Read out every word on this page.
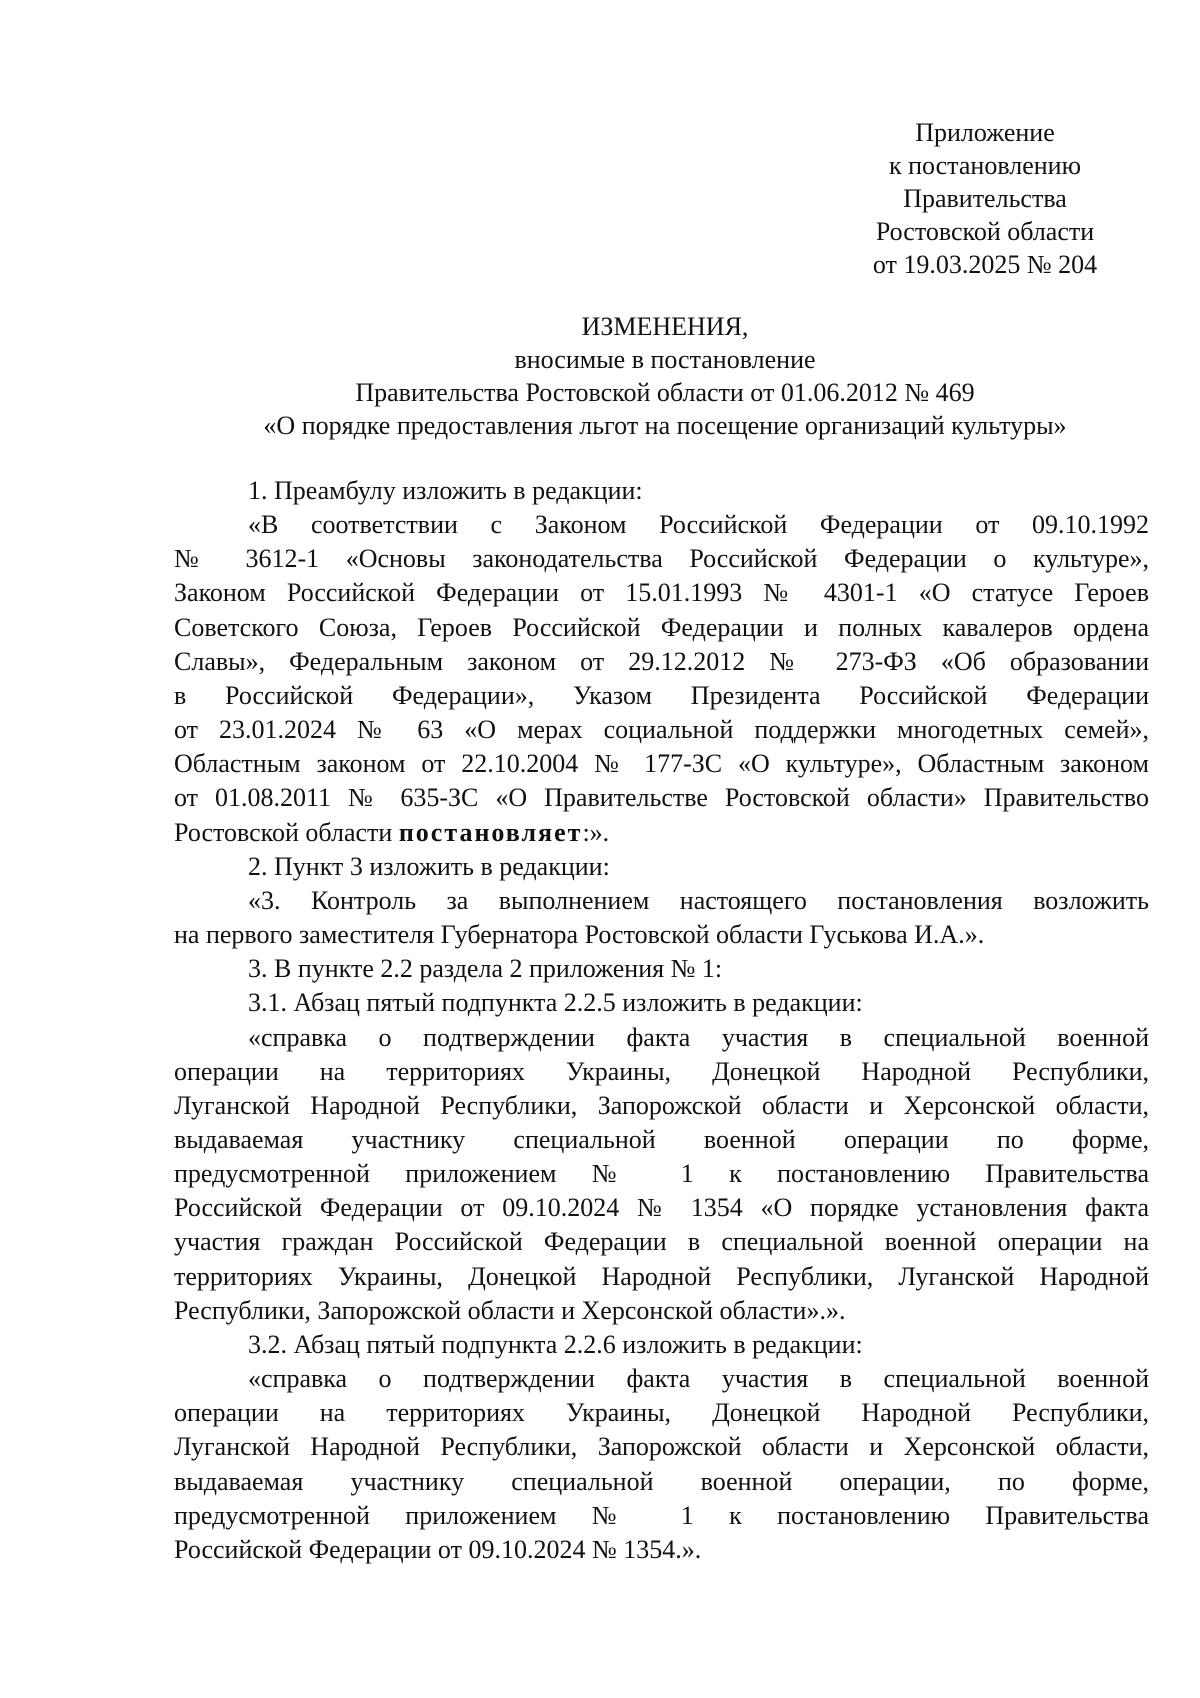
Приложение
к постановлению
Правительства
Ростовской области
от 19.03.2025 № 204
ИЗМЕНЕНИЯ,
вносимые в постановление
Правительства Ростовской области от 01.06.2012 № 469
«О порядке предоставления льгот на посещение организаций культуры»

1. Преамбулу изложить в редакции:

«В соответствии с Законом Российской Федерации от 09.10.1992

№ 3612-1 «Основы законодательства Российской Федерации о культуре»,

Законом Российской Федерации от 15.01.1993 № 4301-1 «О статусе Героев

Советского Союза, Героев Российской Федерации и полных кавалеров ордена

Славы», Федеральным законом от 29.12.2012 № 273-ФЗ «Об образовании

в Российской Федерации», Указом Президента Российской Федерации

от 23.01.2024 № 63 «О мерах социальной поддержки многодетных семей»,

Областным законом от 22.10.2004 № 177-ЗС «О культуре», Областным законом

от 01.08.2011 № 635-ЗС «О Правительстве Ростовской области» Правительство

Ростовской области постановляет:».

2. Пункт 3 изложить в редакции:

«3. Контроль за выполнением настоящего постановления возложить

на первого заместителя Губернатора Ростовской области Гуськова И.А.».

3. В пункте 2.2 раздела 2 приложения № 1:

3.1. Абзац пятый подпункта 2.2.5 изложить в редакции:

«справка о подтверждении факта участия в специальной военной

операции на территориях Украины, Донецкой Народной Республики,

Луганской Народной Республики, Запорожской области и Херсонской области,

выдаваемая участнику специальной военной операции по форме,

предусмотренной приложением № 1 к постановлению Правительства

Российской Федерации от 09.10.2024 № 1354 «О порядке установления факта

участия граждан Российской Федерации в специальной военной операции на

территориях Украины, Донецкой Народной Республики, Луганской Народной

Республики, Запорожской области и Херсонской области».».

3.2. Абзац пятый подпункта 2.2.6 изложить в редакции:

«справка о подтверждении факта участия в специальной военной

операции на территориях Украины, Донецкой Народной Республики,

Луганской Народной Республики, Запорожской области и Херсонской области,

выдаваемая участнику специальной военной операции, по форме,

предусмотренной приложением № 1 к постановлению Правительства

Российской Федерации от 09.10.2024 № 1354.».
